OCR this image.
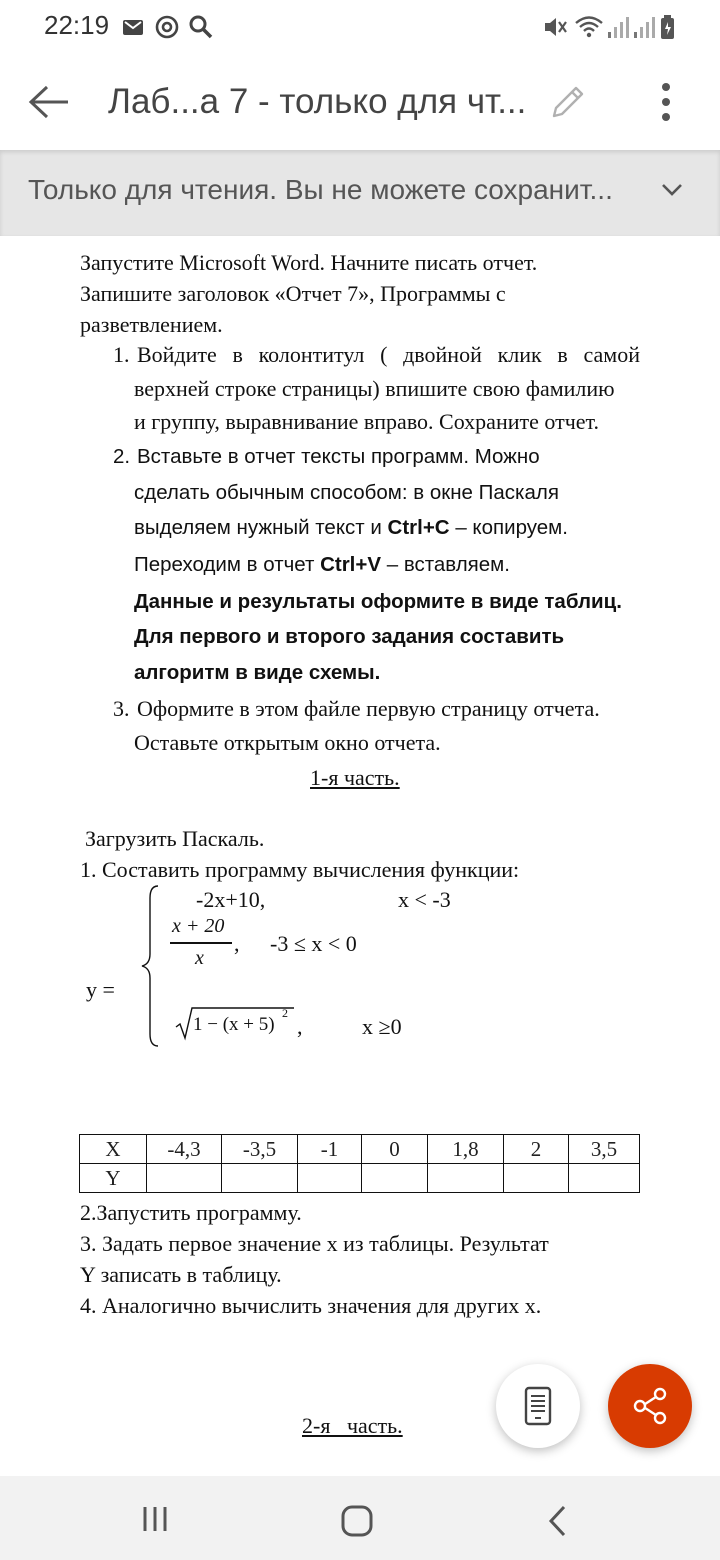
22:19
Лаб...а 7 - только для чт...
Только для чтения. Вы не можете сохранит...
Запустите Microsoft Word. Начните писать отчет.
Запишите заголовок «Отчет 7», Программы с
разветвлением.
1. Войдите в колонтитул ( двойной клик в самой
верхней строке страницы) впишите свою фамилию
и группу, выравнивание вправо. Сохраните отчет.
2. Вставьте в отчет тексты программ. Можно
сделать обычным способом: в окне Паскаля
выделяем нужный текст и Ctrl+C – копируем.
Переходим в отчет Ctrl+V – вставляем.
Данные и результаты оформите в виде таблиц.
Для первого и второго задания составить
алгоритм в виде схемы.
3. Оформите в этом файле первую страницу отчета.
Оставьте открытым окно отчета.
1-я часть.
Загрузить Паскаль.
1. Составить программу вычисления функции:
y =
-2x+10,	x < -3
x + 20
x
, -3 ≤ x < 0
1 − (x + 5)
2
,	x ≥0
X	-4,3	-3,5	-1	0	1,8	2	3,5
Y							
2.Запустить программу.
3. Задать первое значение х из таблицы. Результат
Y записать в таблицу.
4. Аналогично вычислить значения для других х.
2-я   часть.
